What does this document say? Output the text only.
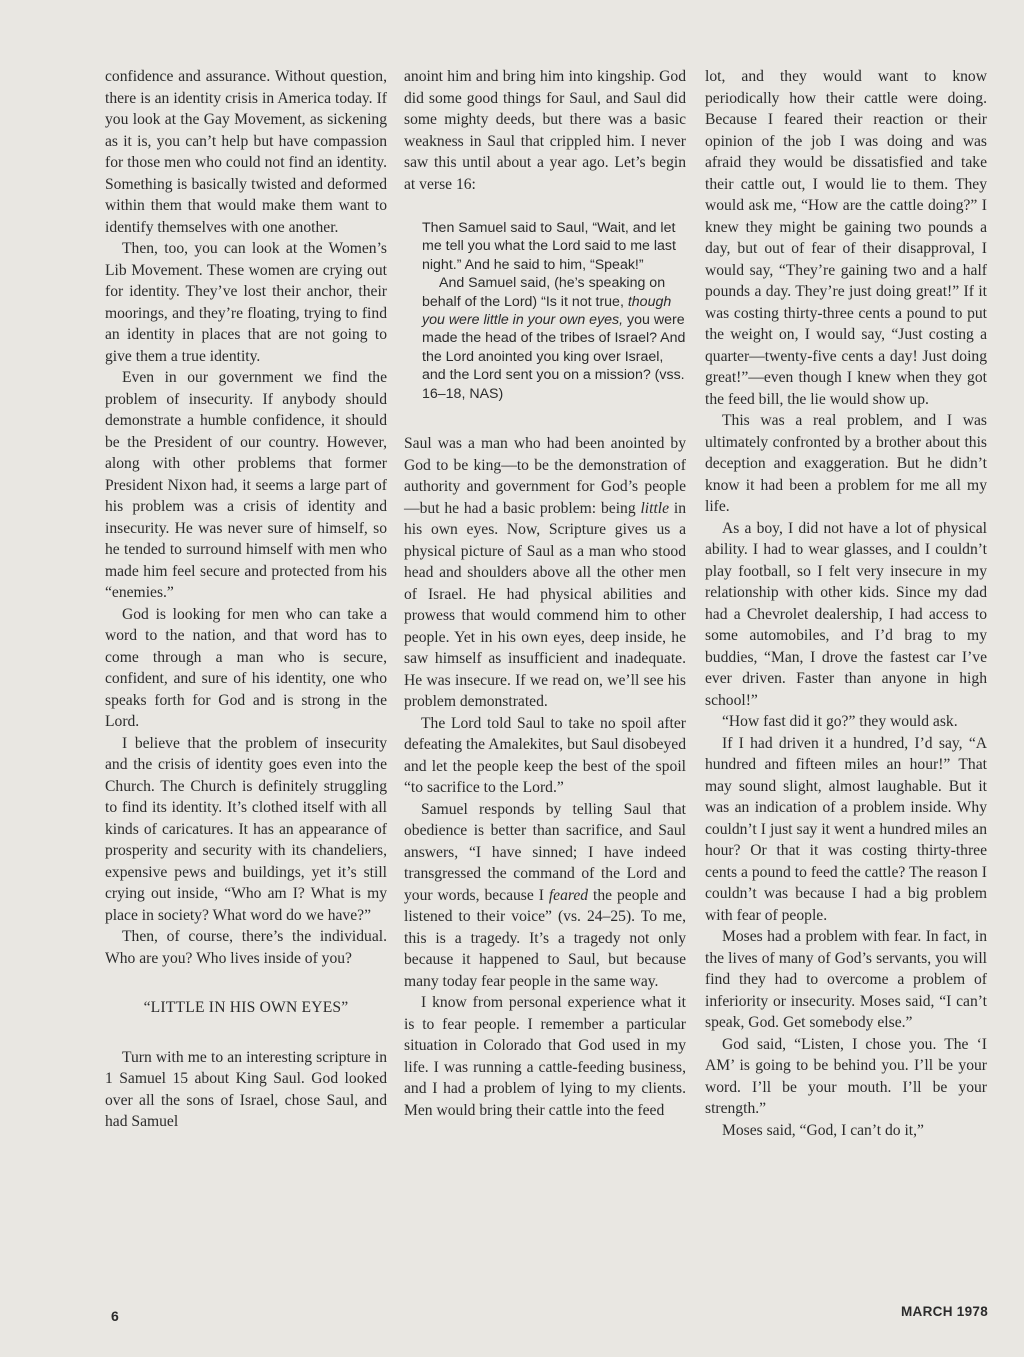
confidence and assurance. Without question, there is an identity crisis in America today. If you look at the Gay Movement, as sickening as it is, you can’t help but have compassion for those men who could not find an identity. Something is basically twisted and deformed within them that would make them want to identify themselves with one another.

Then, too, you can look at the Women’s Lib Movement. These women are crying out for identity. They’ve lost their anchor, their moorings, and they’re floating, trying to find an identity in places that are not going to give them a true identity.

Even in our government we find the problem of insecurity. If anybody should demonstrate a humble confidence, it should be the President of our country. However, along with other problems that former President Nixon had, it seems a large part of his problem was a crisis of identity and insecurity. He was never sure of himself, so he tended to surround himself with men who made him feel secure and protected from his “enemies.”

God is looking for men who can take a word to the nation, and that word has to come through a man who is secure, confident, and sure of his identity, one who speaks forth for God and is strong in the Lord.

I believe that the problem of insecurity and the crisis of identity goes even into the Church. The Church is definitely struggling to find its identity. It’s clothed itself with all kinds of caricatures. It has an appearance of prosperity and security with its chandeliers, expensive pews and buildings, yet it’s still crying out inside, “Who am I? What is my place in society? What word do we have?”

Then, of course, there’s the individual. Who are you? Who lives inside of you?

“LITTLE IN HIS OWN EYES”

Turn with me to an interesting scripture in 1 Samuel 15 about King Saul. God looked over all the sons of Israel, chose Saul, and had Samuel

anoint him and bring him into kingship. God did some good things for Saul, and Saul did some mighty deeds, but there was a basic weakness in Saul that crippled him. I never saw this until about a year ago. Let’s begin at verse 16:

Then Samuel said to Saul, “Wait, and let me tell you what the Lord said to me last night.” And he said to him, “Speak!”

And Samuel said, (he’s speaking on behalf of the Lord) “Is it not true, though you were little in your own eyes, you were made the head of the tribes of Israel? And the Lord anointed you king over Israel, and the Lord sent you on a mission? (vss. 16–18, NAS)

Saul was a man who had been anointed by God to be king—to be the demonstration of authority and government for God’s people—but he had a basic problem: being little in his own eyes. Now, Scripture gives us a physical picture of Saul as a man who stood head and shoulders above all the other men of Israel. He had physical abilities and prowess that would commend him to other people. Yet in his own eyes, deep inside, he saw himself as insufficient and inadequate. He was insecure. If we read on, we’ll see his problem demonstrated.

The Lord told Saul to take no spoil after defeating the Amalekites, but Saul disobeyed and let the people keep the best of the spoil “to sacrifice to the Lord.”

Samuel responds by telling Saul that obedience is better than sacrifice, and Saul answers, “I have sinned; I have indeed transgressed the command of the Lord and your words, because I feared the people and listened to their voice” (vs. 24–25). To me, this is a tragedy. It’s a tragedy not only because it happened to Saul, but because many today fear people in the same way.

I know from personal experience what it is to fear people. I remember a particular situation in Colorado that God used in my life. I was running a cattle-feeding business, and I had a problem of lying to my clients. Men would bring their cattle into the feed

lot, and they would want to know periodically how their cattle were doing. Because I feared their reaction or their opinion of the job I was doing and was afraid they would be dissatisfied and take their cattle out, I would lie to them. They would ask me, “How are the cattle doing?” I knew they might be gaining two pounds a day, but out of fear of their disapproval, I would say, “They’re gaining two and a half pounds a day. They’re just doing great!” If it was costing thirty-three cents a pound to put the weight on, I would say, “Just costing a quarter—twenty-five cents a day! Just doing great!”—even though I knew when they got the feed bill, the lie would show up.

This was a real problem, and I was ultimately confronted by a brother about this deception and exaggeration. But he didn’t know it had been a problem for me all my life.

As a boy, I did not have a lot of physical ability. I had to wear glasses, and I couldn’t play football, so I felt very insecure in my relationship with other kids. Since my dad had a Chevrolet dealership, I had access to some automobiles, and I’d brag to my buddies, “Man, I drove the fastest car I’ve ever driven. Faster than anyone in high school!”

“How fast did it go?” they would ask.

If I had driven it a hundred, I’d say, “A hundred and fifteen miles an hour!” That may sound slight, almost laughable. But it was an indication of a problem inside. Why couldn’t I just say it went a hundred miles an hour? Or that it was costing thirty-three cents a pound to feed the cattle? The reason I couldn’t was because I had a big problem with fear of people.

Moses had a problem with fear. In fact, in the lives of many of God’s servants, you will find they had to overcome a problem of inferiority or insecurity. Moses said, “I can’t speak, God. Get somebody else.”

God said, “Listen, I chose you. The ‘I AM’ is going to be behind you. I’ll be your word. I’ll be your mouth. I’ll be your strength.”

Moses said, “God, I can’t do it,”

6	MARCH 1978
